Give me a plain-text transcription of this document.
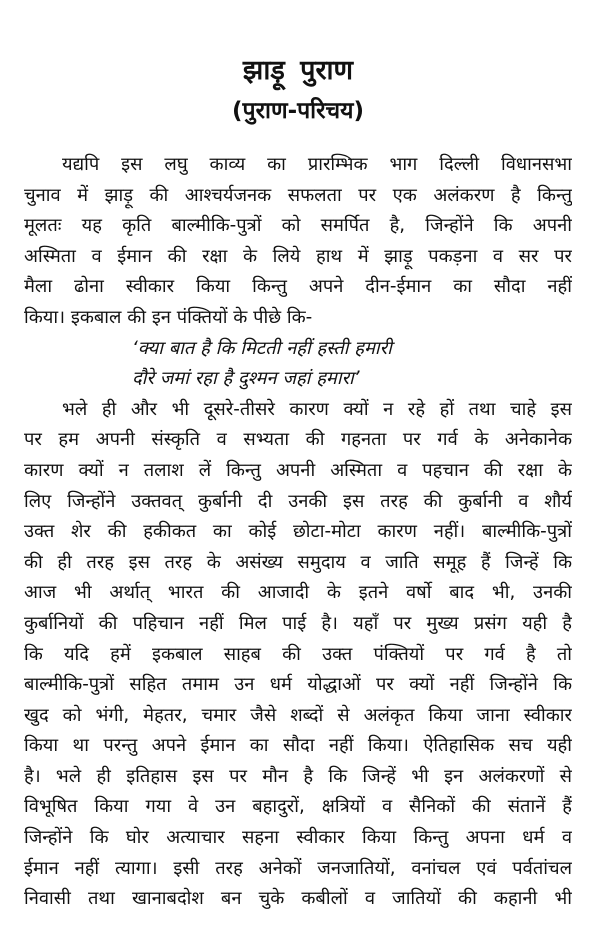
झाड़ू पुराण
(पुराण-परिचय)
यद्यपि इस लघु काव्य का प्रारम्भिक भाग दिल्ली विधानसभा
चुनाव में झाड़ू की आश्चर्यजनक सफलता पर एक अलंकरण है किन्तु
मूलतः यह कृति बाल्मीकि-पुत्रों को समर्पित है, जिन्होंने कि अपनी
अस्मिता व ईमान की रक्षा के लिये हाथ में झाड़ू पकड़ना व सर पर
मैला ढोना स्वीकार किया किन्तु अपने दीन-ईमान का सौदा नहीं
किया। इकबाल की इन पंक्तियों के पीछे कि-
‘क्या बात है कि मिटती नहीं हस्ती हमारी
दौरे जमां रहा है दुश्मन जहां हमारा’
भले ही और भी दूसरे-तीसरे कारण क्यों न रहे हों तथा चाहे इस
पर हम अपनी संस्कृति व सभ्यता की गहनता पर गर्व के अनेकानेक
कारण क्यों न तलाश लें किन्तु अपनी अस्मिता व पहचान की रक्षा के
लिए जिन्होंने उक्तवत् कुर्बानी दी उनकी इस तरह की कुर्बानी व शौर्य
उक्त शेर की हकीकत का कोई छोटा-मोटा कारण नहीं। बाल्मीकि-पुत्रों
की ही तरह इस तरह के असंख्य समुदाय व जाति समूह हैं जिन्हें कि
आज भी अर्थात् भारत की आजादी के इतने वर्षो बाद भी, उनकी
कुर्बानियों की पहिचान नहीं मिल पाई है। यहाँ पर मुख्य प्रसंग यही है
कि यदि हमें इकबाल साहब की उक्त पंक्तियों पर गर्व है तो
बाल्मीकि-पुत्रों सहित तमाम उन धर्म योद्धाओं पर क्यों नहीं जिन्होंने कि
खुद को भंगी, मेहतर, चमार जैसे शब्दों से अलंकृत किया जाना स्वीकार
किया था परन्तु अपने ईमान का सौदा नहीं किया। ऐतिहासिक सच यही
है। भले ही इतिहास इस पर मौन है कि जिन्हें भी इन अलंकरणों से
विभूषित किया गया वे उन बहादुरों, क्षत्रियों व सैनिकों की संतानें हैं
जिन्होंने कि घोर अत्याचार सहना स्वीकार किया किन्तु अपना धर्म व
ईमान नहीं त्यागा। इसी तरह अनेकों जनजातियों, वनांचल एवं पर्वतांचल
निवासी तथा खानाबदोश बन चुके कबीलों व जातियों की कहानी भी
